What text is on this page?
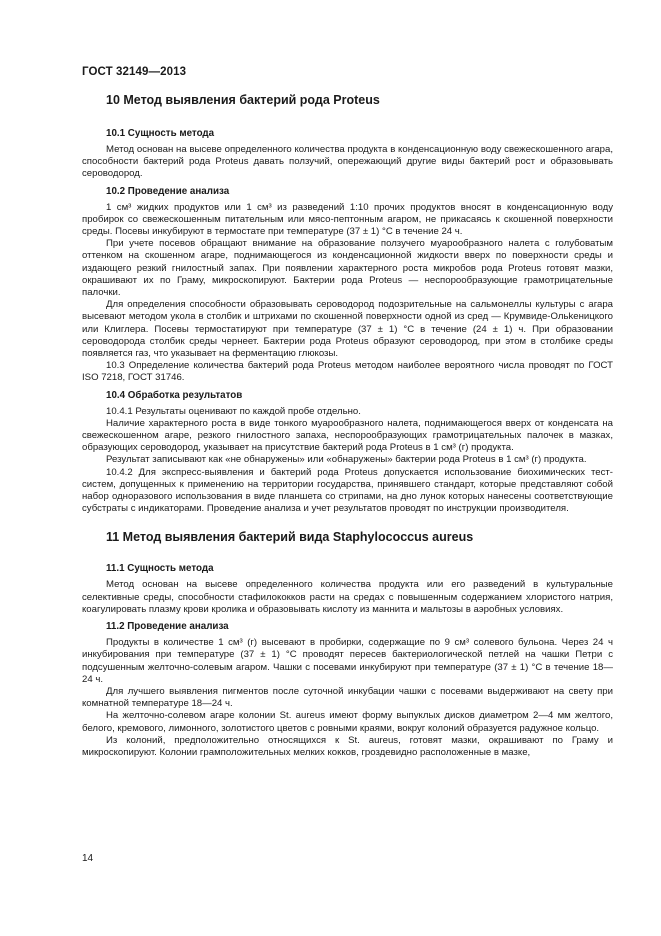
ГОСТ 32149—2013
10 Метод выявления бактерий рода Proteus
10.1 Сущность метода

Метод основан на высеве определенного количества продукта в конденсационную воду свежескошенного агара, способности бактерий рода Proteus давать ползучий, опережающий другие виды бактерий рост и образовывать сероводород.

10.2 Проведение анализа

1 см³ жидких продуктов или 1 см³ из разведений 1:10 прочих продуктов вносят в конденсационную воду пробирок со свежескошенным питательным или мясо-пептонным агаром, не прикасаясь к скошенной поверхности среды. Посевы инкубируют в термостате при температуре (37 ± 1) °С в течение 24 ч.

При учете посевов обращают внимание на образование ползучего муарообразного налета с голубоватым оттенком на скошенном агаре, поднимающегося из конденсационной жидкости вверх по поверхности среды и издающего резкий гнилостный запах. При появлении характерного роста микробов рода Proteus готовят мазки, окрашивают их по Граму, микроскопируют. Бактерии рода Proteus — неспорообразующие грамотрицательные палочки.

Для определения способности образовывать сероводород подозрительные на сальмонеллы культуры с агара высевают методом укола в столбик и штрихами по скошенной поверхности одной из сред — Крумвиде-Ольkеницкого или Клиглера. Посевы термостатируют при температуре (37 ± 1) °С в течение (24 ± 1) ч. При образовании сероводорода столбик среды чернеет. Бактерии рода Proteus образуют сероводород, при этом в столбике среды появляется газ, что указывает на ферментацию глюкозы.

10.3 Определение количества бактерий рода Proteus методом наиболее вероятного числа проводят по ГОСТ ISO 7218, ГОСТ 31746.

10.4 Обработка результатов

10.4.1 Результаты оценивают по каждой пробе отдельно.

Наличие характерного роста в виде тонкого муарообразного налета, поднимающегося вверх от конденсата на свежескошенном агаре, резкого гнилостного запаха, неспорообразующих грамотрицательных палочек в мазках, образующих сероводород, указывает на присутствие бактерий рода Proteus в 1 см³ (г) продукта.

Результат записывают как «не обнаружены» или «обнаружены» бактерии рода Proteus в 1 см³ (г) продукта.

10.4.2 Для экспресс-выявления и бактерий рода Proteus допускается использование биохимических тест-систем, допущенных к применению на территории государства, принявшего стандарт, которые представляют собой набор одноразового использования в виде планшета со стрипами, на дно лунок которых нанесены соответствующие субстраты с индикаторами. Проведение анализа и учет результатов проводят по инструкции производителя.

11 Метод выявления бактерий вида Staphylococcus aureus
11.1 Сущность метода

Метод основан на высеве определенного количества продукта или его разведений в культуральные селективные среды, способности стафилококков расти на средах с повышенным содержанием хлористого натрия, коагулировать плазму крови кролика и образовывать кислоту из маннита и мальтозы в аэробных условиях.

11.2 Проведение анализа

Продукты в количестве 1 см³ (г) высевают в пробирки, содержащие по 9 см³ солевого бульона. Через 24 ч инкубирования при температуре (37 ± 1) °С проводят пересев бактериологической петлей на чашки Петри с подсушенным желточно-солевым агаром. Чашки с посевами инкубируют при температуре (37 ± 1) °С в течение 18—24 ч.

Для лучшего выявления пигментов после суточной инкубации чашки с посевами выдерживают на свету при комнатной температуре 18—24 ч.

На желточно-солевом агаре колонии St. aureus имеют форму выпуклых дисков диаметром 2—4 мм желтого, белого, кремового, лимонного, золотистого цветов с ровными краями, вокруг колоний образуется радужное кольцо.

Из колоний, предположительно относящихся к St. aureus, готовят мазки, окрашивают по Граму и микроскопируют. Колонии грамположительных мелких кокков, гроздевидно расположенные в мазке,

14
